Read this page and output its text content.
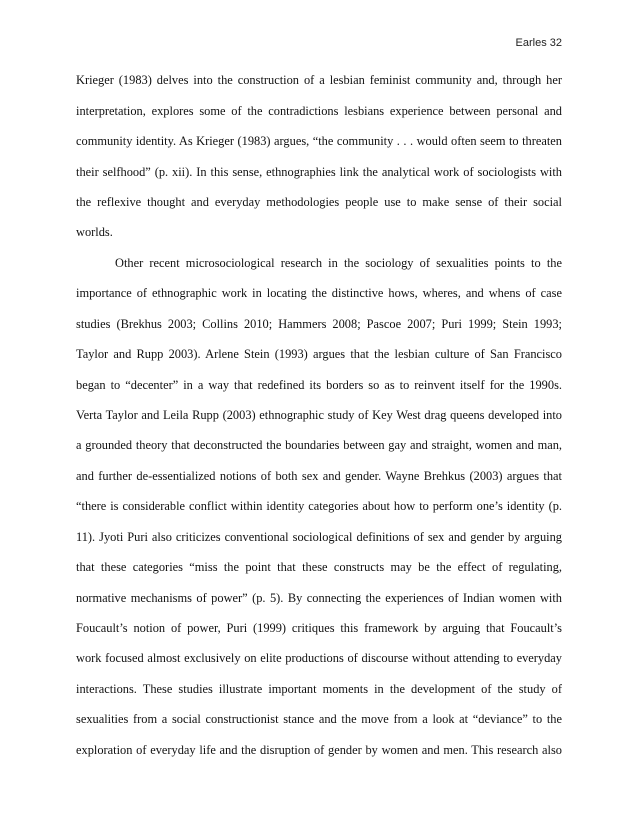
Earles 32
Krieger (1983) delves into the construction of a lesbian feminist community and, through her
interpretation, explores some of the contradictions lesbians experience between personal and
community identity. As Krieger (1983) argues, “the community . . . would often seem to threaten
their selfhood” (p. xii). In this sense, ethnographies link the analytical work of sociologists with
the reflexive thought and everyday methodologies people use to make sense of their social
worlds.
Other recent microsociological research in the sociology of sexualities points to the
importance of ethnographic work in locating the distinctive hows, wheres, and whens of case
studies (Brekhus 2003; Collins 2010; Hammers 2008; Pascoe 2007; Puri 1999; Stein 1993;
Taylor and Rupp 2003). Arlene Stein (1993) argues that the lesbian culture of San Francisco
began to “decenter” in a way that redefined its borders so as to reinvent itself for the 1990s.
Verta Taylor and Leila Rupp (2003) ethnographic study of Key West drag queens developed into
a grounded theory that deconstructed the boundaries between gay and straight, women and man,
and further de-essentialized notions of both sex and gender. Wayne Brehkus (2003) argues that
“there is considerable conflict within identity categories about how to perform one’s identity (p.
11). Jyoti Puri also criticizes conventional sociological definitions of sex and gender by arguing
that these categories “miss the point that these constructs may be the effect of regulating,
normative mechanisms of power” (p. 5). By connecting the experiences of Indian women with
Foucault’s notion of power, Puri (1999) critiques this framework by arguing that Foucault’s
work focused almost exclusively on elite productions of discourse without attending to everyday
interactions. These studies illustrate important moments in the development of the study of
sexualities from a social constructionist stance and the move from a look at “deviance” to the
exploration of everyday life and the disruption of gender by women and men. This research also
